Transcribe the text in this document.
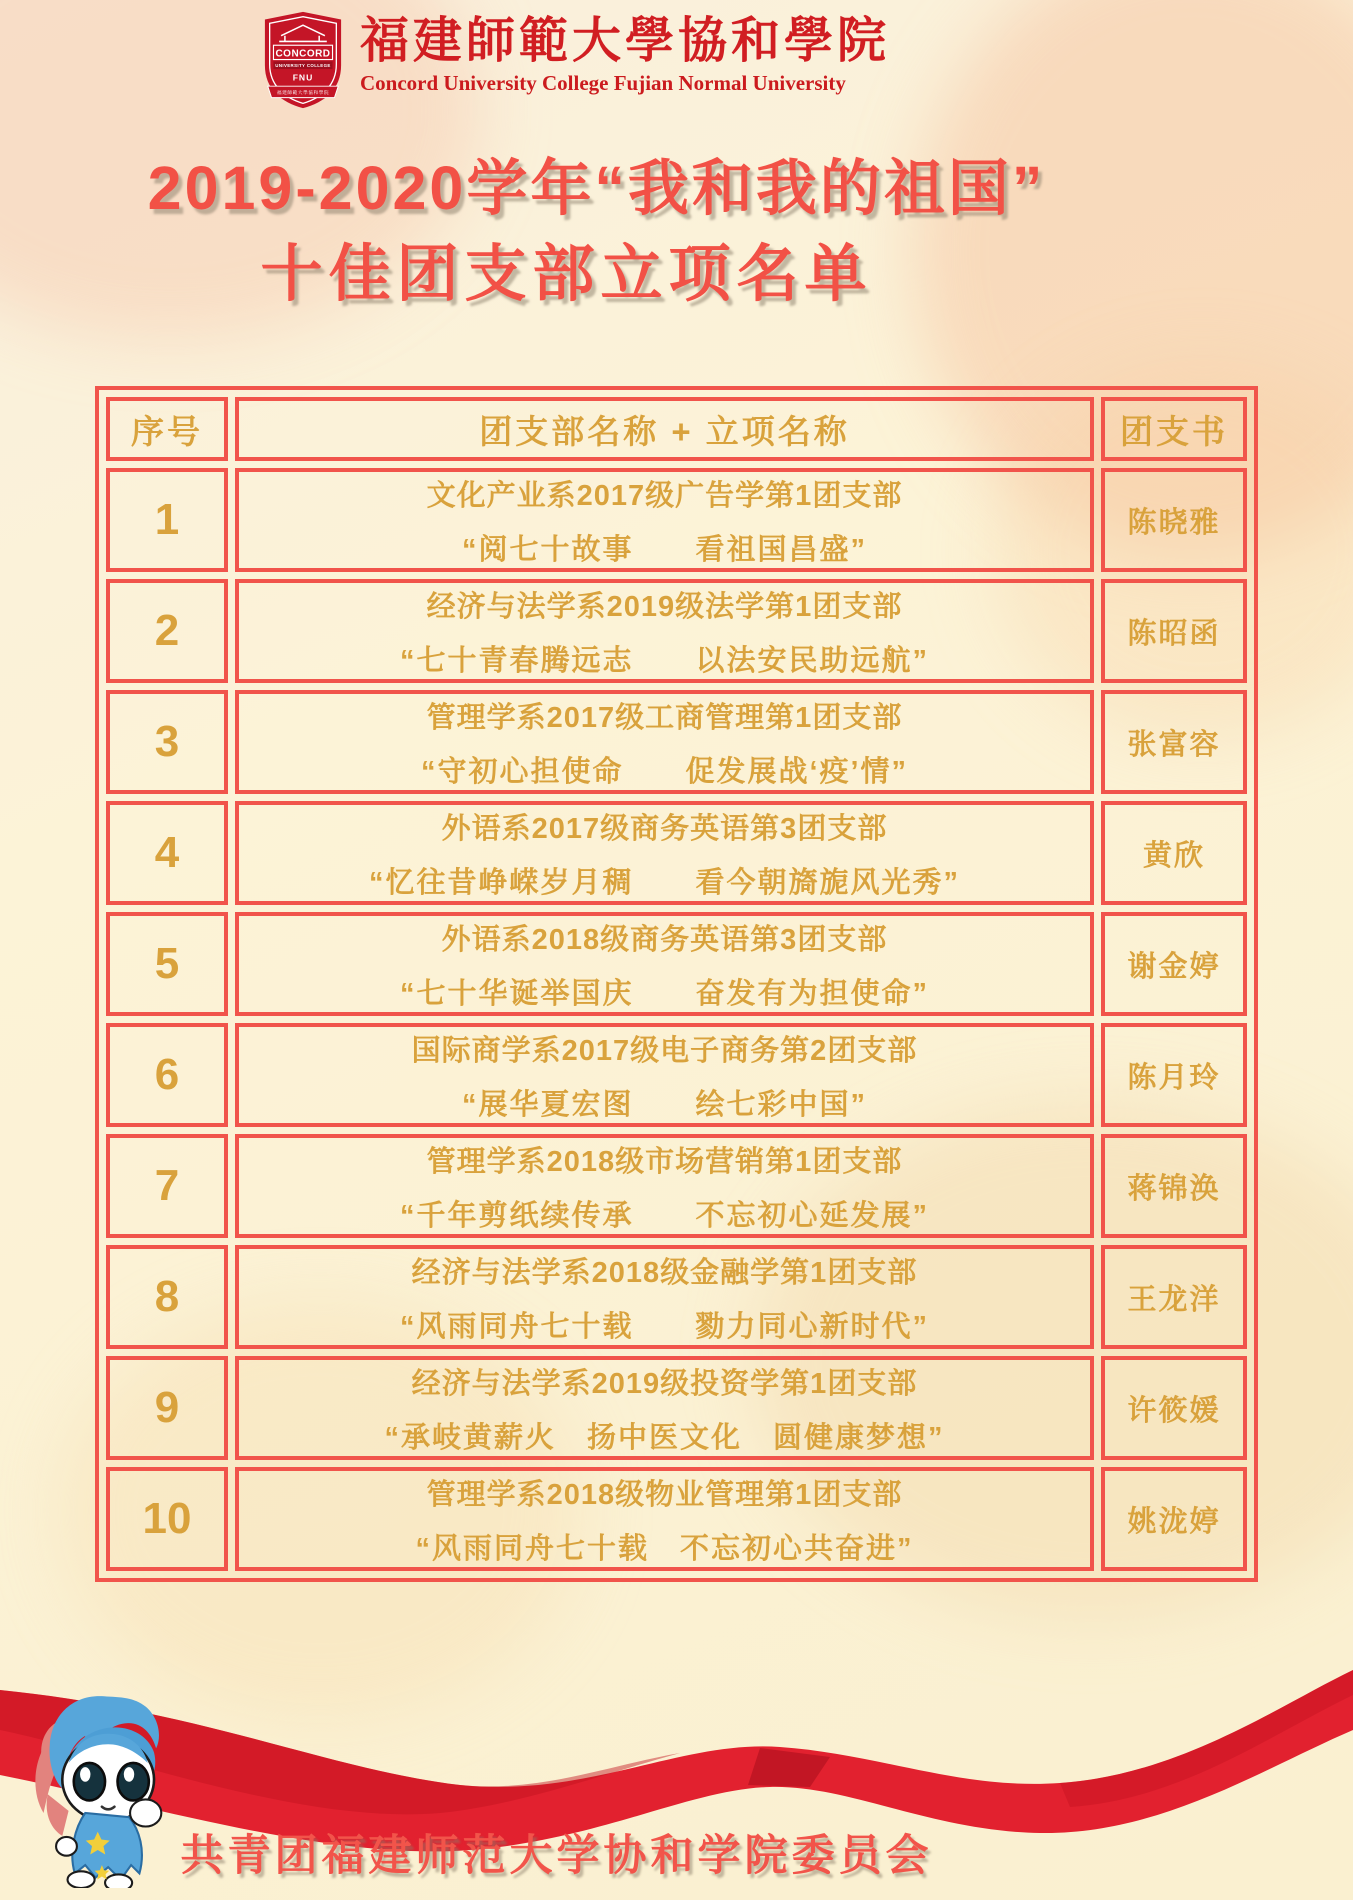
CONCORD
UNIVERSITY COLLEGE
FNU
福建師範大學協和學院
福建師範大學協和學院
Concord University College Fujian Normal University
2019-2020学年“我和我的祖国”
十佳团支部立项名单
序号	团支部名称 + 立项名称	团支书
1	文化产业系2017级广告学第1团支部
“阅七十故事　　看祖国昌盛”	陈晓雅
2	经济与法学系2019级法学第1团支部
“七十青春腾远志　　以法安民助远航”	陈昭函
3	管理学系2017级工商管理第1团支部
“守初心担使命　　促发展战‘疫’情”	张富容
4	外语系2017级商务英语第3团支部
“忆往昔峥嵘岁月稠　　看今朝旖旎风光秀”	黄欣
5	外语系2018级商务英语第3团支部
“七十华诞举国庆　　奋发有为担使命”	谢金婷
6	国际商学系2017级电子商务第2团支部
“展华夏宏图　　绘七彩中国”	陈月玲
7	管理学系2018级市场营销第1团支部
“千年剪纸续传承　　不忘初心延发展”	蒋锦涣
8	经济与法学系2018级金融学第1团支部
“风雨同舟七十载　　勠力同心新时代”	王龙洋
9	经济与法学系2019级投资学第1团支部
“承岐黄薪火　扬中医文化　圆健康梦想”	许筱媛
10	管理学系2018级物业管理第1团支部
“风雨同舟七十载　不忘初心共奋进”	姚泷婷
共青团福建师范大学协和学院委员会
